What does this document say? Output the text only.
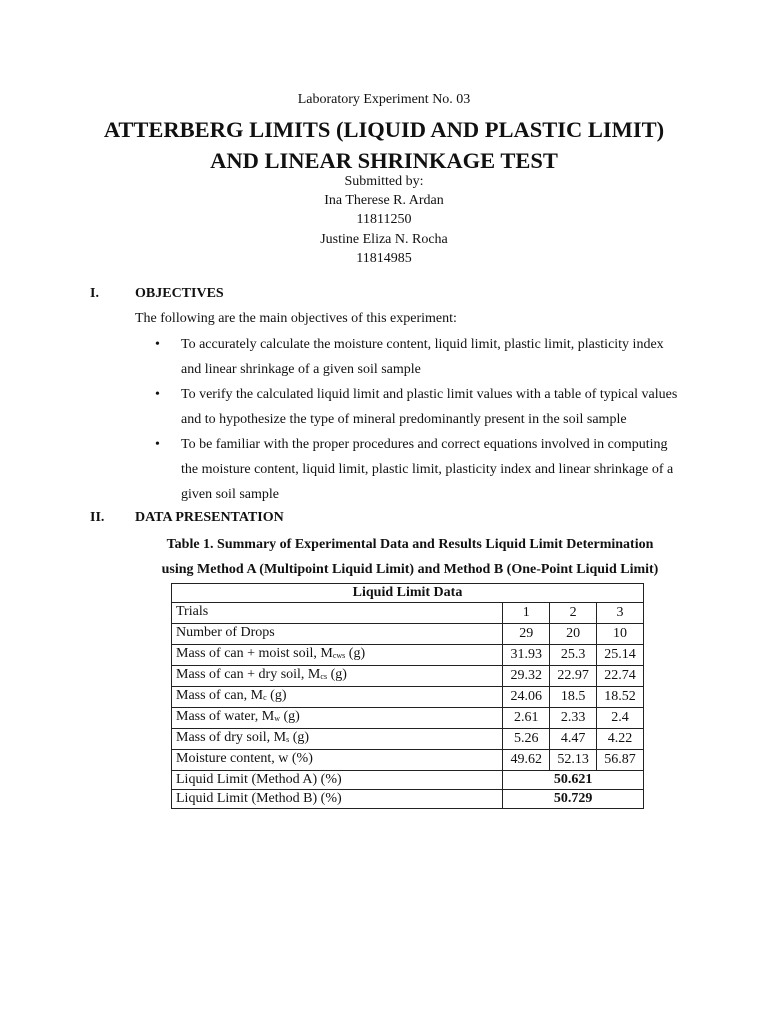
Laboratory Experiment No. 03
ATTERBERG LIMITS (LIQUID AND PLASTIC LIMIT)
AND LINEAR SHRINKAGE TEST
Submitted by:
Ina Therese R. Ardan
11811250
Justine Eliza N. Rocha
11814985
I.	OBJECTIVES
The following are the main objectives of this experiment:
• To accurately calculate the moisture content, liquid limit, plastic limit, plasticity index and linear shrinkage of a given soil sample
• To verify the calculated liquid limit and plastic limit values with a table of typical values and to hypothesize the type of mineral predominantly present in the soil sample
• To be familiar with the proper procedures and correct equations involved in computing the moisture content, liquid limit, plastic limit, plasticity index and linear shrinkage of a given soil sample
II. DATA PRESENTATION
Table 1. Summary of Experimental Data and Results Liquid Limit Determination
using Method A (Multipoint Liquid Limit) and Method B (One-Point Liquid Limit)
Liquid Limit Data			
Trials	1	2	3
Number of Drops	29	20	10
Mass of can + moist soil, $M_{cws}$ (g)	31.93	25.3	25.14
Mass of can + dry soil, $M_{cs}$ (g)	29.32	22.97	22.74
Mass of can, $M_c$ (g)	24.06	18.5	18.52
Mass of water, $M_w$ (g)	2.61	2.33	2.4
Mass of dry soil, $M_s$ (g)	5.26	4.47	4.22
Moisture content, w (%)	49.62	52.13	56.87
Liquid Limit (Method A) (%)	50.621		
Liquid Limit (Method B) (%)	50.729		
